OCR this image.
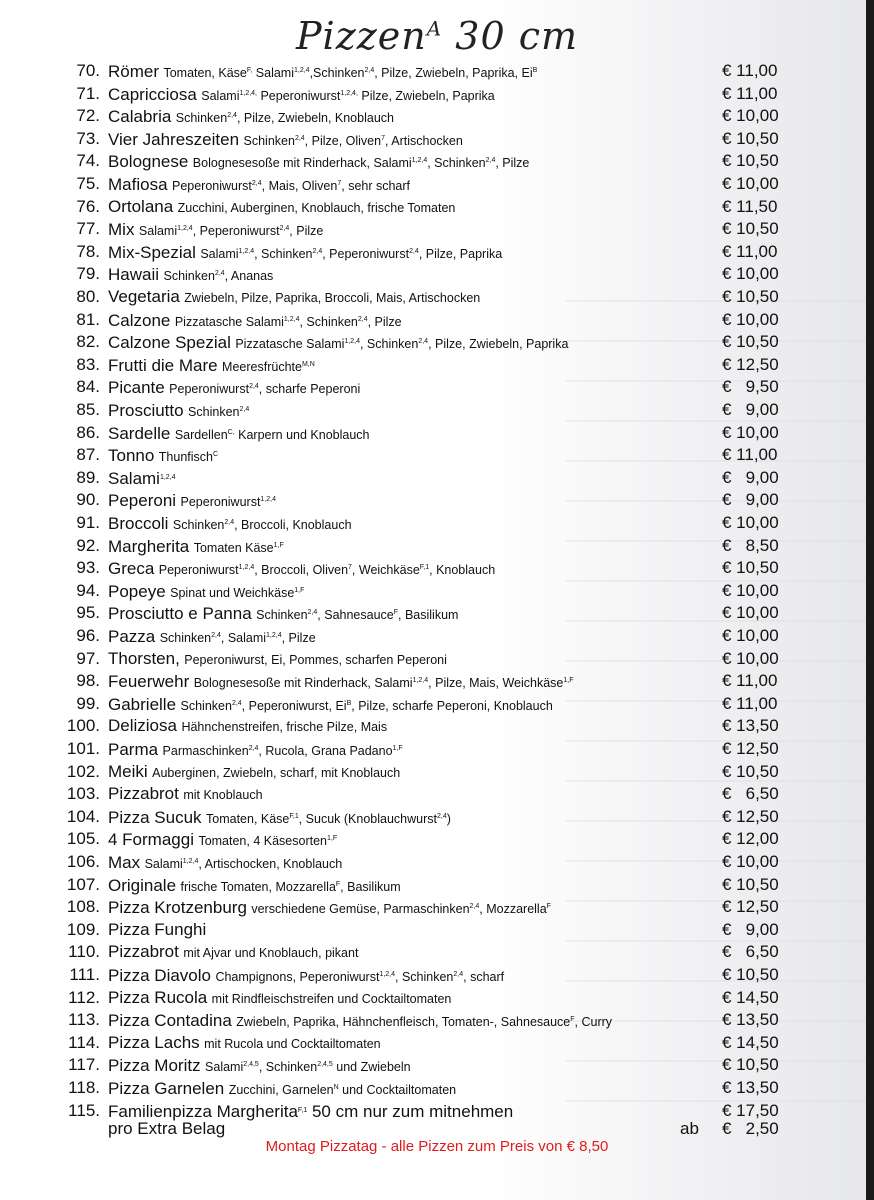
Pizzen$^A$ 30 cm
70. Römer Tomaten, Käse$^{F,}$ Salami$^{1,2,4}$,Schinken$^{2,4}$, Pilze, Zwiebeln, Paprika, $Ei^B$	€ 11,00
71. Capricciosa Salami$^{1,2,4,}$ Peperoniwurst$^{1,2,4,}$ Pilze, Zwiebeln, Paprika	€ 11,00
72. Calabria Schinken$^{2,4}$, Pilze, Zwiebeln, Knoblauch	€ 10,00
73. Vier Jahreszeiten Schinken$^{2,4}$, Pilze, Oliven$^7$, Artischocken	€ 10,50
74. Bolognese Bolognesesoße mit Rinderhack, Salami$^{1,2,4}$, Schinken$^{2,4}$, Pilze	€ 10,50
75. Mafiosa Peperoniwurst$^{2,4}$, Mais, Oliven$^7$, sehr scharf	€ 10,00
76. Ortolana Zucchini, Auberginen, Knoblauch, frische Tomaten	€ 11,50
77. Mix Salami$^{1,2,4}$, Peperoniwurst$^{2,4}$, Pilze	€ 10,50
78. Mix-Spezial Salami$^{1,2,4}$, Schinken$^{2,4}$, Peperoniwurst$^{2,4}$, Pilze, Paprika	€ 11,00
79. Hawaii Schinken$^{2,4}$, Ananas	€ 10,00
80. Vegetaria Zwiebeln, Pilze, Paprika, Broccoli, Mais, Artischocken	€ 10,50
81. Calzone Pizzatasche Salami$^{1,2,4}$, Schinken$^{2,4}$, Pilze	€ 10,00
82. Calzone Spezial Pizzatasche Salami$^{1,2,4}$, Schinken$^{2,4}$, Pilze, Zwiebeln, Paprika	€ 10,50
83. Frutti die Mare Meeresfrüchte$^{M,N}$	€ 12,50
84. Picante Peperoniwurst$^{2,4}$, scharfe Peperoni	€   9,50
85. Prosciutto Schinken$^{2,4}$	€   9,00
86. Sardelle Sardellen$^{C,}$ Karpern und Knoblauch	€ 10,00
87. Tonno Thunfisch$^C$	€ 11,00
89. Salami$^{1,2,4}$	€   9,00
90. Peperoni Peperoniwurst$^{1,2,4}$	€   9,00
91. Broccoli Schinken$^{2,4}$, Broccoli, Knoblauch	€ 10,00
92. Margherita Tomaten Käse$^{1,F}$	€   8,50
93. Greca Peperoniwurst$^{1,2,4}$, Broccoli, Oliven$^7$, Weichkäse$^{F,1}$, Knoblauch	€ 10,50
94. Popeye Spinat und Weichkäse$^{1,F}$	€ 10,00
95. Prosciutto e Panna Schinken$^{2,4}$, Sahnesauce$^F$, Basilikum	€ 10,00
96. Pazza Schinken$^{2,4}$, Salami$^{1,2,4}$, Pilze	€ 10,00
97. Thorsten, Peperoniwurst, Ei, Pommes, scharfen Peperoni	€ 10,00
98. Feuerwehr Bolognesesoße mit Rinderhack, Salami$^{1,2,4}$, Pilze, Mais, Weichkäse$^{1,F}$	€ 11,00
99. Gabrielle Schinken$^{2,4}$, Peperoniwurst, $Ei^B$, Pilze, scharfe Peperoni, Knoblauch	€ 11,00
100. Deliziosa Hähnchenstreifen, frische Pilze, Mais	€ 13,50
101. Parma Parmaschinken$^{2,4}$, Rucola, Grana Padano$^{1,F}$	€ 12,50
102. Meiki Auberginen, Zwiebeln, scharf, mit Knoblauch	€ 10,50
103. Pizzabrot mit Knoblauch	€   6,50
104. Pizza Sucuk Tomaten, Käse$^{F,1}$, Sucuk (Knoblauchwurst$^{2,4}$)	€ 12,50
105. 4 Formaggi Tomaten, 4 Käsesorten$^{1,F}$	€ 12,00
106. Max Salami$^{1,2,4}$, Artischocken, Knoblauch	€ 10,00
107. Originale frische Tomaten, Mozzarella$^F$, Basilikum	€ 10,50
108. Pizza Krotzenburg verschiedene Gemüse, Parmaschinken$^{2,4}$, Mozzarella$^F$	€ 12,50
109. Pizza Funghi	€   9,00
110. Pizzabrot mit Ajvar und Knoblauch, pikant	€   6,50
111. Pizza Diavolo Champignons, Peperoniwurst$^{1,2,4}$, Schinken$^{2,4}$, scharf	€ 10,50
112. Pizza Rucola mit Rindfleischstreifen und Cocktailtomaten	€ 14,50
113. Pizza Contadina Zwiebeln, Paprika, Hähnchenfleisch, Tomaten-, Sahnesauce$^F$, Curry	€ 13,50
114. Pizza Lachs mit Rucola und Cocktailtomaten	€ 14,50
117. Pizza Moritz Salami$^{2,4,5}$, Schinken$^{2,4,5}$ und Zwiebeln	€ 10,50
118. Pizza Garnelen Zucchini, Garnelen$^N$ und Cocktailtomaten	€ 13,50
115. Familienpizza Margherita$^{F,1}$ 50 cm nur zum mitnehmen	€ 17,50
pro Extra Belag	ab €   2,50
Montag Pizzatag - alle Pizzen zum Preis von € 8,50
